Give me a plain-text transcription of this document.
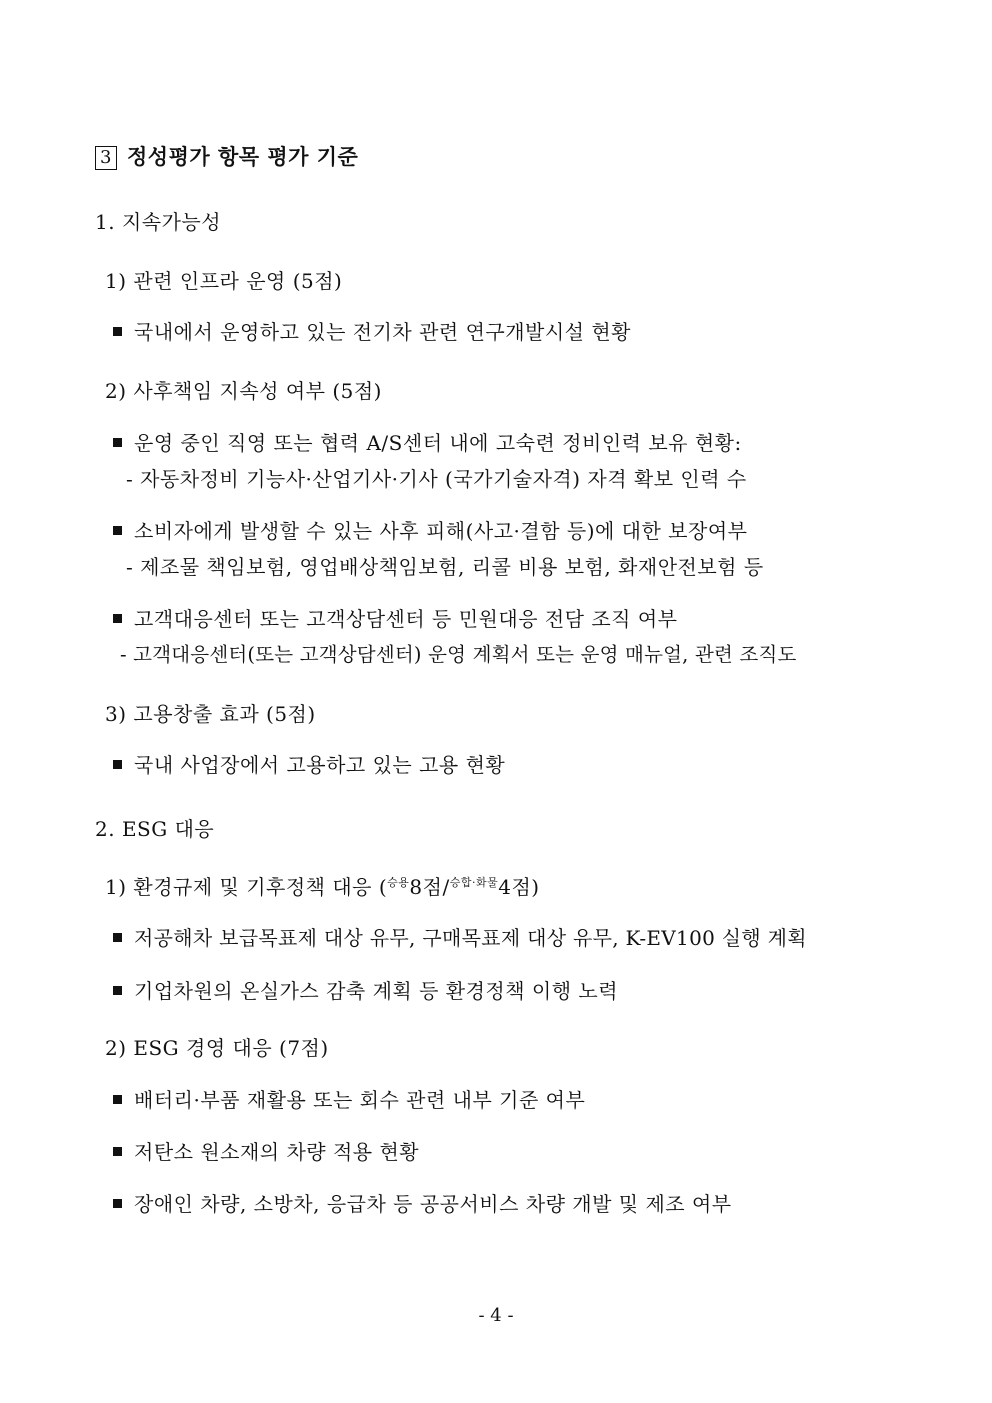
3 정성평가 항목 평가 기준
1. 지속가능성
1) 관련 인프라 운영 (5점)
국내에서 운영하고 있는 전기차 관련 연구개발시설 현황
2) 사후책임 지속성 여부 (5점)
운영 중인 직영 또는 협력 A/S센터 내에 고숙련 정비인력 보유 현황:
- 자동차정비 기능사·산업기사·기사 (국가기술자격) 자격 확보 인력 수
소비자에게 발생할 수 있는 사후 피해(사고·결함 등)에 대한 보장여부
- 제조물 책임보험, 영업배상책임보험, 리콜 비용 보험, 화재안전보험 등
고객대응센터 또는 고객상담센터 등 민원대응 전담 조직 여부
- 고객대응센터(또는 고객상담센터) 운영 계획서 또는 운영 매뉴얼, 관련 조직도
3) 고용창출 효과 (5점)
국내 사업장에서 고용하고 있는 고용 현황
2. ESG 대응
1) 환경규제 및 기후정책 대응 ($^{승용}$8점/$^{승합\cdot 화물}$4점)
저공해차 보급목표제 대상 유무, 구매목표제 대상 유무, K-EV100 실행 계획
기업차원의 온실가스 감축 계획 등 환경정책 이행 노력
2) ESG 경영 대응 (7점)
배터리·부품 재활용 또는 회수 관련 내부 기준 여부
저탄소 원소재의 차량 적용 현황
장애인 차량, 소방차, 응급차 등 공공서비스 차량 개발 및 제조 여부
- 4 -
